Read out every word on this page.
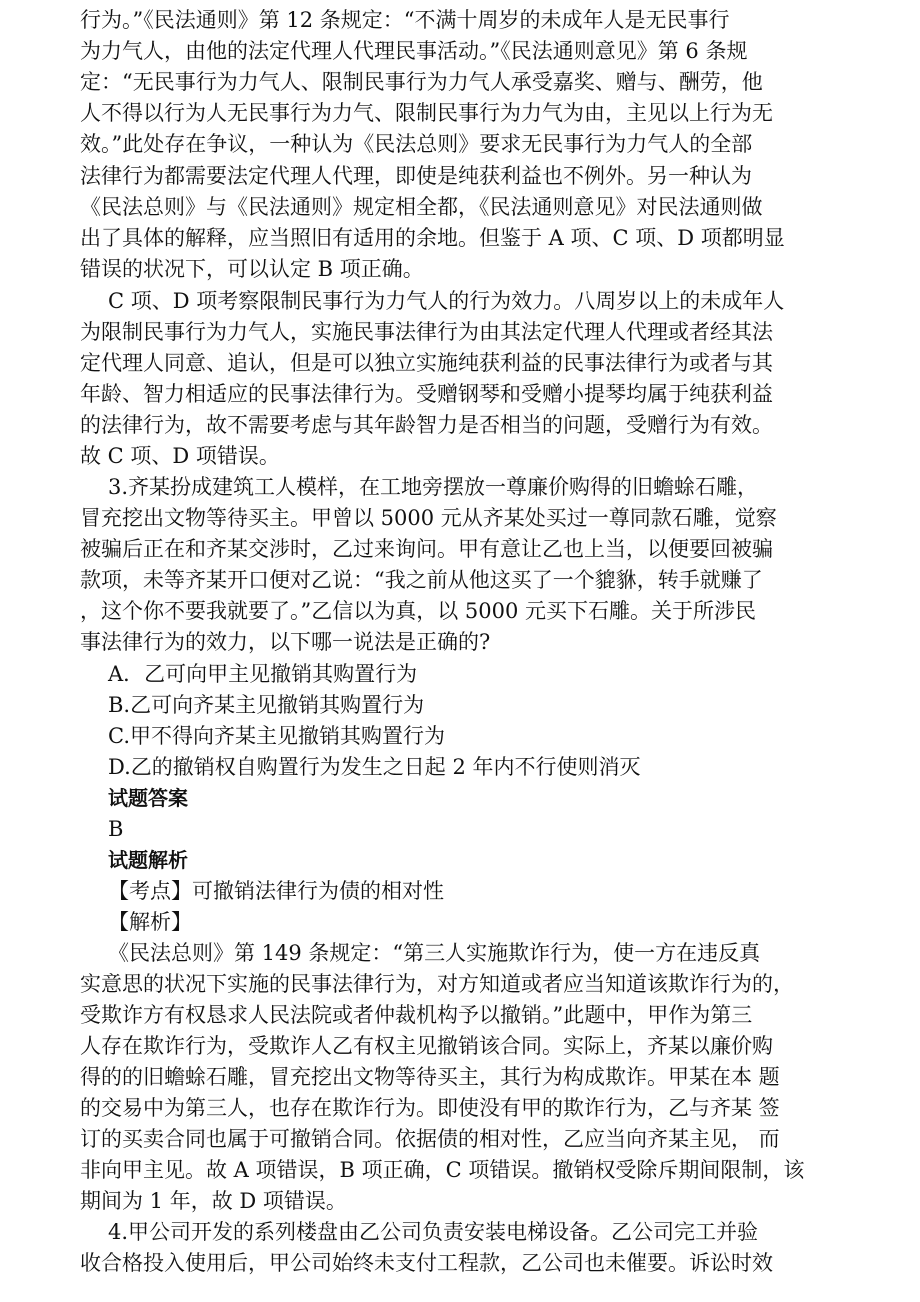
行为。”《民法通则》第 12 条规定：“不满十周岁的未成年人是无民事行
为力气人，由他的法定代理人代理民事活动。”《民法通则意见》第 6 条规
定：“无民事行为力气人、限制民事行为力气人承受嘉奖、赠与、酬劳，他
人不得以行为人无民事行为力气、限制民事行为力气为由，主见以上行为无
效。”此处存在争议，一种认为《民法总则》要求无民事行为力气人的全部
法律行为都需要法定代理人代理，即使是纯获利益也不例外。另一种认为
《民法总则》与《民法通则》规定相全都，《民法通则意见》对民法通则做
出了具体的解释，应当照旧有适用的余地。但鉴于 A 项、C 项、D 项都明显
错误的状况下，可以认定 B 项正确。
C 项、D 项考察限制民事行为力气人的行为效力。八周岁以上的未成年人
为限制民事行为力气人，实施民事法律行为由其法定代理人代理或者经其法
定代理人同意、追认，但是可以独立实施纯获利益的民事法律行为或者与其
年龄、智力相适应的民事法律行为。受赠钢琴和受赠小提琴均属于纯获利益
的法律行为，故不需要考虑与其年龄智力是否相当的问题，受赠行为有效。
故 C 项、D 项错误。
3.齐某扮成建筑工人模样，在工地旁摆放一尊廉价购得的旧蟾蜍石雕，
冒充挖出文物等待买主。甲曾以 5000 元从齐某处买过一尊同款石雕，觉察
被骗后正在和齐某交涉时，乙过来询问。甲有意让乙也上当，以便要回被骗
款项，未等齐某开口便对乙说：“我之前从他这买了一个貔貅，转手就赚了
，这个你不要我就要了。”乙信以为真，以 5000 元买下石雕。关于所涉民
事法律行为的效力，以下哪一说法是正确的?
A．乙可向甲主见撤销其购置行为
B.乙可向齐某主见撤销其购置行为
C.甲不得向齐某主见撤销其购置行为
D.乙的撤销权自购置行为发生之日起 2 年内不行使则消灭
试题答案
B
试题解析
【考点】可撤销法律行为债的相对性
【解析】
《民法总则》第 149 条规定：“第三人实施欺诈行为，使一方在违反真
实意思的状况下实施的民事法律行为，对方知道或者应当知道该欺诈行为的，
受欺诈方有权恳求人民法院或者仲裁机构予以撤销。”此题中，甲作为第三
人存在欺诈行为，受欺诈人乙有权主见撤销该合同。实际上，齐某以廉价购
得的的旧蟾蜍石雕，冒充挖出文物等待买主，其行为构成欺诈。甲某在本 题
的交易中为第三人，也存在欺诈行为。即使没有甲的欺诈行为，乙与齐某 签
订的买卖合同也属于可撤销合同。依据债的相对性，乙应当向齐某主见， 而
非向甲主见。故 A 项错误，B 项正确，C 项错误。撤销权受除斥期间限制，该
期间为 1 年，故 D 项错误。
4.甲公司开发的系列楼盘由乙公司负责安装电梯设备。乙公司完工并验
收合格投入使用后，甲公司始终未支付工程款，乙公司也未催要。诉讼时效
